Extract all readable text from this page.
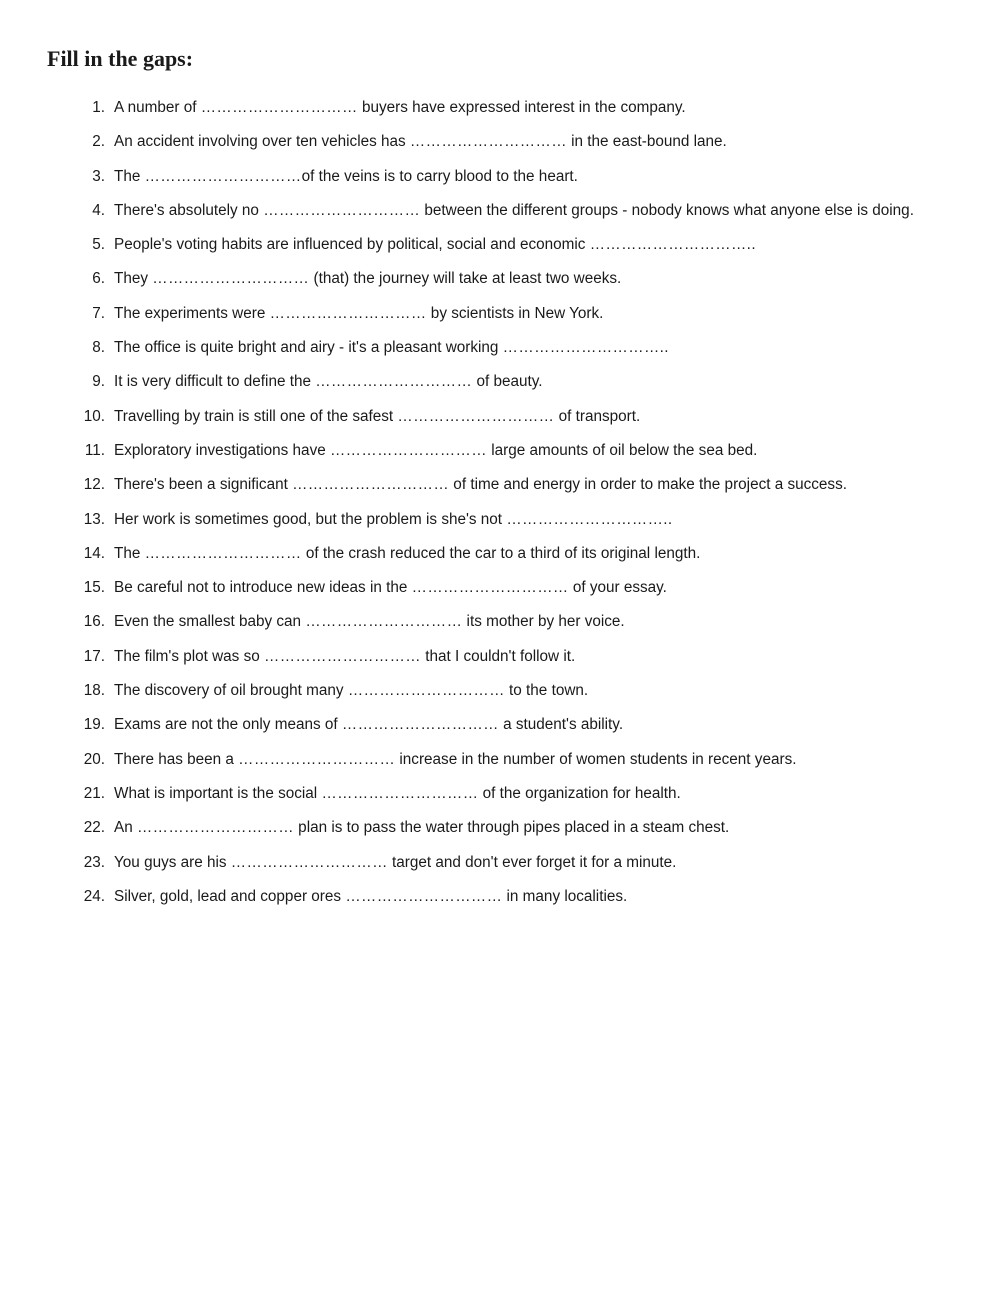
Fill in the gaps:
1. A number of ………………………… buyers have expressed interest in the company.
2. An accident involving over ten vehicles has ………………………… in the east-bound lane.
3. The …………………………of the veins is to carry blood to the heart.
4. There's absolutely no ………………………… between the different groups - nobody knows what anyone else is doing.
5. People's voting habits are influenced by political, social and economic …………………………..
6. They ………………………… (that) the journey will take at least two weeks.
7. The experiments were ………………………… by scientists in New York.
8. The office is quite bright and airy - it's a pleasant working …………………………..
9. It is very difficult to define the ………………………… of beauty.
10. Travelling by train is still one of the safest ………………………… of transport.
11. Exploratory investigations have ………………………… large amounts of oil below the sea bed.
12. There's been a significant ………………………… of time and energy in order to make the project a success.
13. Her work is sometimes good, but the problem is she's not …………………………..
14. The ………………………… of the crash reduced the car to a third of its original length.
15. Be careful not to introduce new ideas in the ………………………… of your essay.
16. Even the smallest baby can ………………………… its mother by her voice.
17. The film's plot was so ………………………… that I couldn't follow it.
18. The discovery of oil brought many ………………………… to the town.
19. Exams are not the only means of ………………………… a student's ability.
20. There has been a ………………………… increase in the number of women students in recent years.
21. What is important is the social ………………………… of the organization for health.
22. An ………………………… plan is to pass the water through pipes placed in a steam chest.
23. You guys are his ………………………… target and don't ever forget it for a minute.
24. Silver, gold, lead and copper ores ………………………… in many localities.
